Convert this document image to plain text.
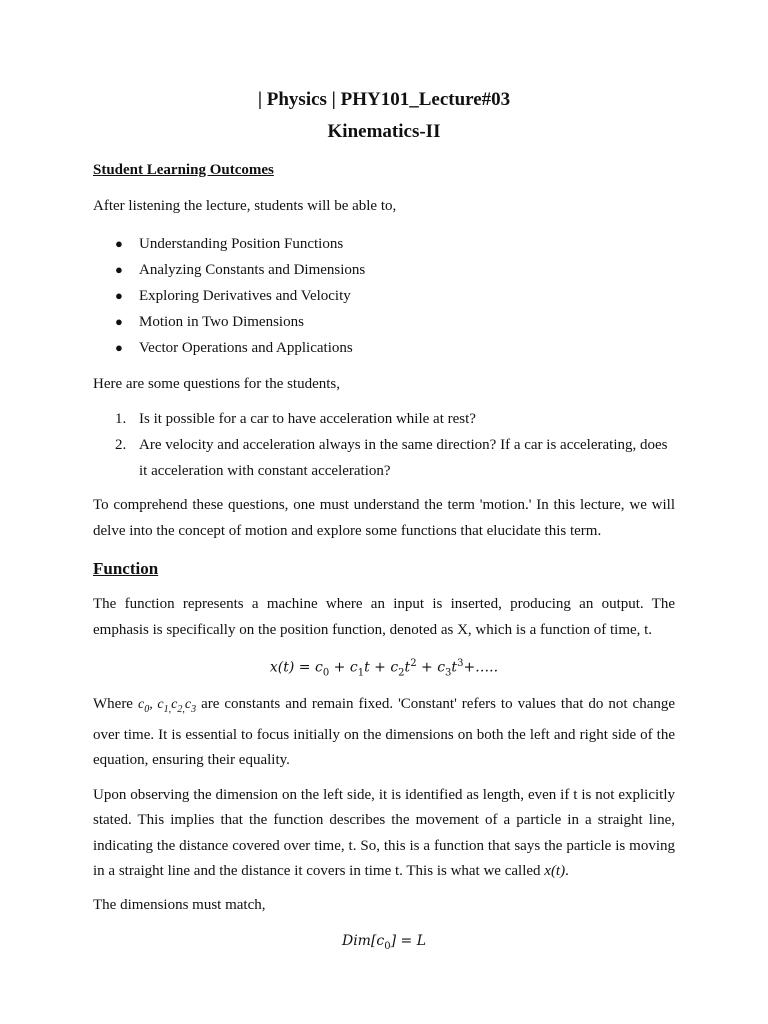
| Physics | PHY101_Lecture#03
Kinematics-II
Student Learning Outcomes

After listening the lecture, students will be able to,

● Understanding Position Functions
● Analyzing Constants and Dimensions
● Exploring Derivatives and Velocity
● Motion in Two Dimensions
● Vector Operations and Applications

Here are some questions for the students,

1. Is it possible for a car to have acceleration while at rest?
2. Are velocity and acceleration always in the same direction? If a car is accelerating, does it acceleration with constant acceleration?

To comprehend these questions, one must understand the term 'motion.' In this lecture, we will delve into the concept of motion and explore some functions that elucidate this term.

Function

The function represents a machine where an input is inserted, producing an output. The emphasis is specifically on the position function, denoted as X, which is a function of time, t.

$x(t) = c_0 + c_1t + c_2t^2$ + $c_3t^3+\dots$..

Where $c_0$, $c_{1,}c_{2,}c_3$ are constants and remain fixed. 'Constant' refers to values that do not change over time. It is essential to focus initially on the dimensions on both the left and right side of the equation, ensuring their equality.

Upon observing the dimension on the left side, it is identified as length, even if t is not explicitly stated. This implies that the function describes the movement of a particle in a straight line, indicating the distance covered over time, t. So, this is a function that says the particle is moving in a straight line and the distance it covers in time t. This is what we called x(t).

The dimensions must match,

$Dim[c_0] = L$
